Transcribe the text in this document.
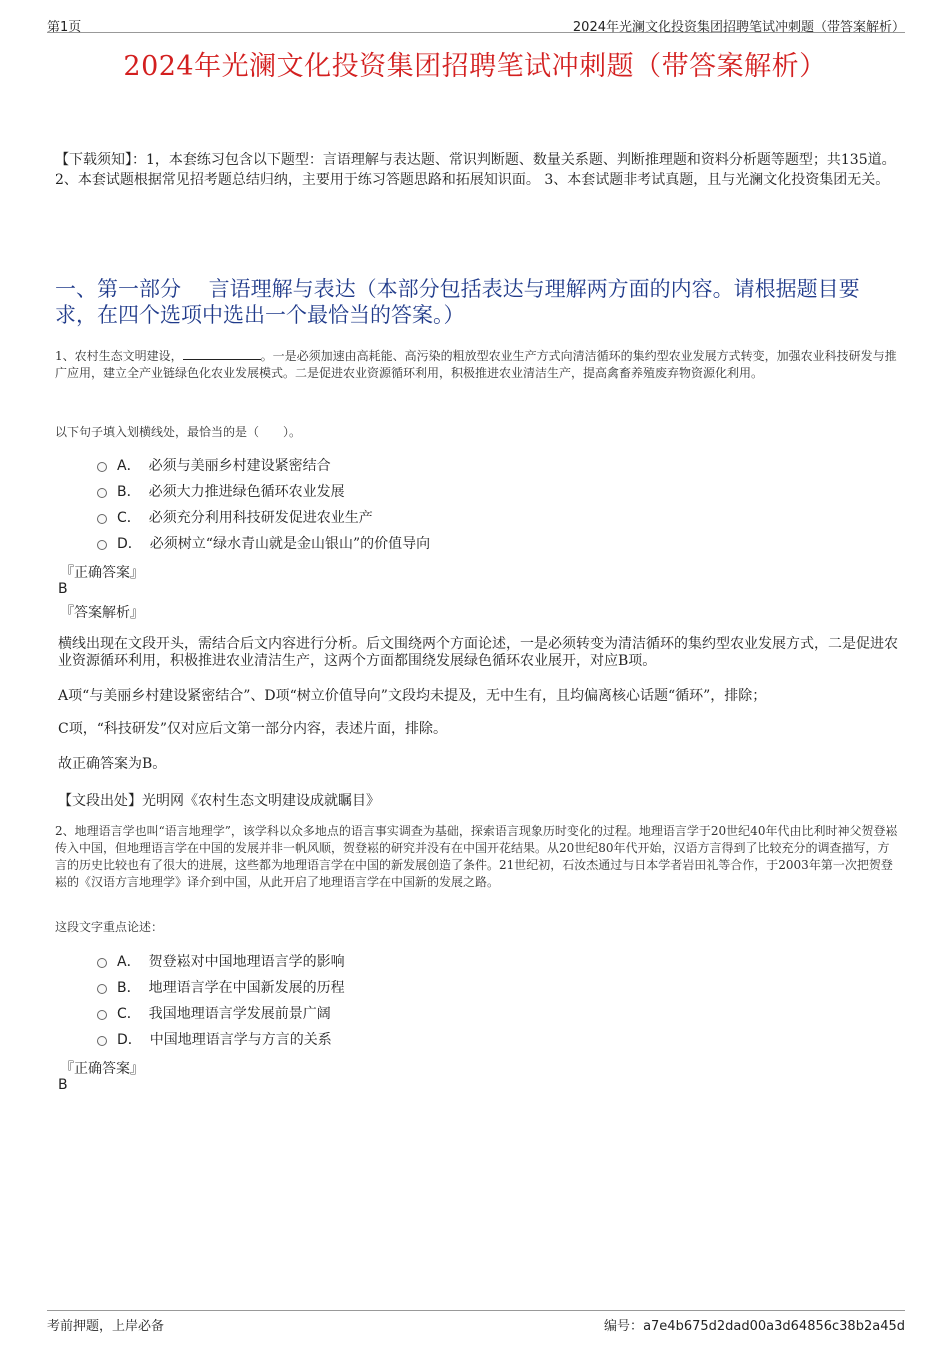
第1页	2024年光澜文化投资集团招聘笔试冲刺题（带答案解析）
2024年光澜文化投资集团招聘笔试冲刺题（带答案解析）
【下载须知】：1，本套练习包含以下题型：言语理解与表达题、常识判断题、数量关系题、判断推理题和资料分析题等题型；共135道。 2、本套试题根据常见招考题总结归纳，主要用于练习答题思路和拓展知识面。 3、本套试题非考试真题，且与光澜文化投资集团无关。
一、第一部分　 言语理解与表达（本部分包括表达与理解两方面的内容。请根据题目要求，在四个选项中选出一个最恰当的答案。）
1、农村生态文明建设，	。一是必须加速由高耗能、高污染的粗放型农业生产方式向清洁循环的集约型农业发展方式转变，加强农业科技研发与推广应用，建立全产业链绿色化农业发展模式。二是促进农业资源循环利用，积极推进农业清洁生产，提高禽畜养殖废弃物资源化利用。
以下句子填入划横线处，最恰当的是（　　）。
A． 必须与美丽乡村建设紧密结合
B． 必须大力推进绿色循环农业发展
C． 必须充分利用科技研发促进农业生产
D． 必须树立“绿水青山就是金山银山”的价值导向
『正确答案』
B
『答案解析』
横线出现在文段开头，需结合后文内容进行分析。后文围绕两个方面论述，一是必须转变为清洁循环的集约型农业发展方式，二是促进农业资源循环利用，积极推进农业清洁生产，这两个方面都围绕发展绿色循环农业展开，对应B项。
A项“与美丽乡村建设紧密结合”、D项“树立价值导向”文段均未提及，无中生有，且均偏离核心话题“循环”，排除；
C项，“科技研发”仅对应后文第一部分内容，表述片面，排除。
故正确答案为B。
【文段出处】光明网《农村生态文明建设成就瞩目》
2、地理语言学也叫“语言地理学”，该学科以众多地点的语言事实调查为基础，探索语言现象历时变化的过程。地理语言学于20世纪40年代由比利时神父贺登崧传入中国，但地理语言学在中国的发展并非一帆风顺，贺登崧的研究并没有在中国开花结果。从20世纪80年代开始，汉语方言得到了比较充分的调查描写，方言的历史比较也有了很大的进展，这些都为地理语言学在中国的新发展创造了条件。21世纪初，石汝杰通过与日本学者岩田礼等合作，于2003年第一次把贺登崧的《汉语方言地理学》译介到中国，从此开启了地理语言学在中国新的发展之路。
这段文字重点论述：
A． 贺登崧对中国地理语言学的影响
B． 地理语言学在中国新发展的历程
C． 我国地理语言学发展前景广阔
D． 中国地理语言学与方言的关系
『正确答案』
B
考前押题，上岸必备	编号：a7e4b675d2dad00a3d64856c38b2a45d
